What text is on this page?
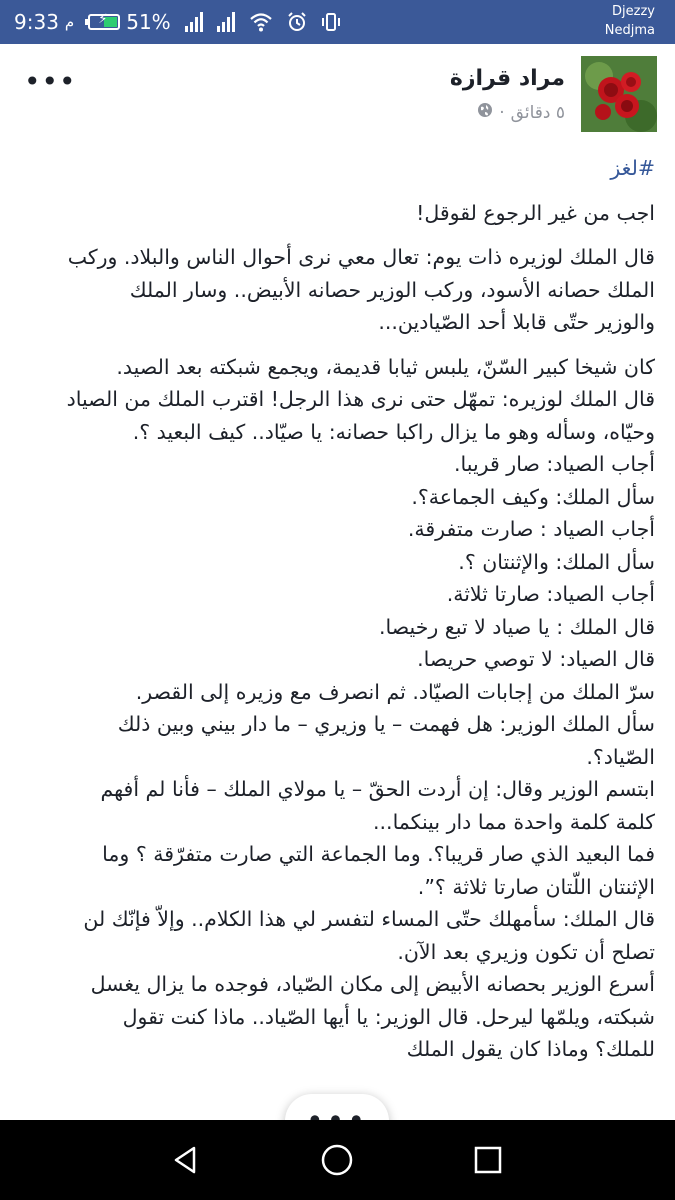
9:33 م ⚡ 51%	Djezzy
Nedjma
مراد قرازة
٥ دقائق
·
•••

#لغز

اجب من غير الرجوع لقوقل!

قال الملك لوزيره ذات يوم: تعال معي نرى أحوال الناس والبلاد. وركب
الملك حصانه الأسود، وركب الوزير حصانه الأبيض.. وسار الملك
والوزير حتّى قابلا أحد الصّيادين...

كان شيخا كبير السّنّ، يلبس ثيابا قديمة، ويجمع شبكته بعد الصيد.
قال الملك لوزيره: تمهّل حتى نرى هذا الرجل! اقترب الملك من الصياد
وحيّاه، وسأله وهو ما يزال راكبا حصانه: يا صيّاد.. كيف البعيد ؟.
أجاب الصياد: صار قريبا.
سأل الملك: وكيف الجماعة؟.
أجاب الصياد : صارت متفرقة.
سأل الملك: والإثنتان ؟.
أجاب الصياد: صارتا ثلاثة.
قال الملك : يا صياد لا تبع رخيصا.
قال الصياد: لا توصي حريصا.
سرّ الملك من إجابات الصيّاد. ثم انصرف مع وزيره إلى القصر.
سأل الملك الوزير: هل فهمت – يا وزيري – ما دار بيني وبين ذلك
الصّياد؟.
ابتسم الوزير وقال: إن أردت الحقّ – يا مولاي الملك – فأنا لم أفهم
كلمة كلمة واحدة مما دار بينكما...
فما البعيد الذي صار قريبا؟. وما الجماعة التي صارت متفرّقة ؟ وما
الإثنتان اللّتان صارتا ثلاثة ؟”.
قال الملك: سأمهلك حتّى المساء لتفسر لي هذا الكلام.. وإلاّ فإنّك لن
تصلح أن تكون وزيري بعد الآن.
أسرع الوزير بحصانه الأبيض إلى مكان الصّياد، فوجده ما يزال يغسل
شبكته، ويلمّها ليرحل. قال الوزير: يا أيها الصّياد.. ماذا كنت تقول
للملك؟ وماذا كان يقول الملك
